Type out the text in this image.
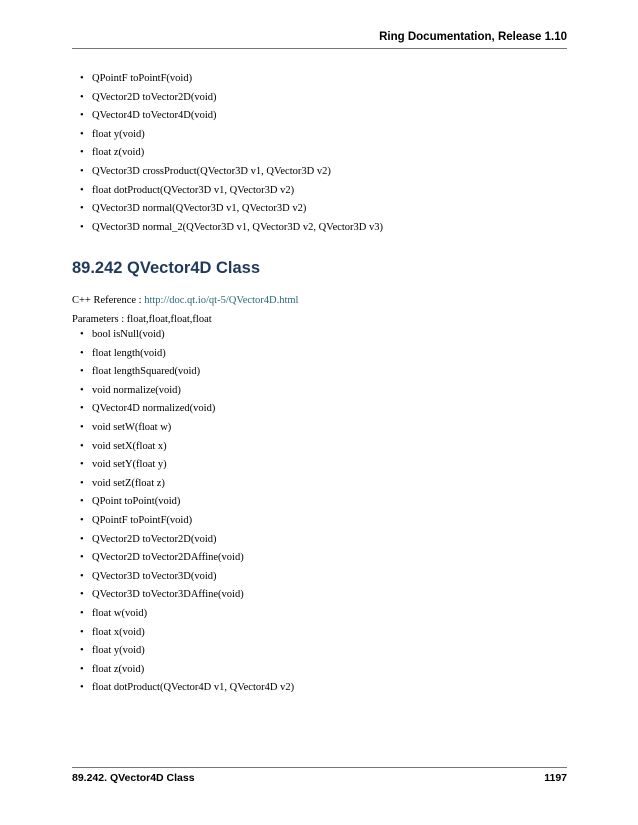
Ring Documentation, Release 1.10
• QPointF toPointF(void)
• QVector2D toVector2D(void)
• QVector4D toVector4D(void)
• float y(void)
• float z(void)
• QVector3D crossProduct(QVector3D v1, QVector3D v2)
• float dotProduct(QVector3D v1, QVector3D v2)
• QVector3D normal(QVector3D v1, QVector3D v2)
• QVector3D normal_2(QVector3D v1, QVector3D v2, QVector3D v3)
89.242 QVector4D Class
C++ Reference : http://doc.qt.io/qt-5/QVector4D.html
Parameters : float,float,float,float
• bool isNull(void)
• float length(void)
• float lengthSquared(void)
• void normalize(void)
• QVector4D normalized(void)
• void setW(float w)
• void setX(float x)
• void setY(float y)
• void setZ(float z)
• QPoint toPoint(void)
• QPointF toPointF(void)
• QVector2D toVector2D(void)
• QVector2D toVector2DAffine(void)
• QVector3D toVector3D(void)
• QVector3D toVector3DAffine(void)
• float w(void)
• float x(void)
• float y(void)
• float z(void)
• float dotProduct(QVector4D v1, QVector4D v2)
89.242. QVector4D Class	1197
